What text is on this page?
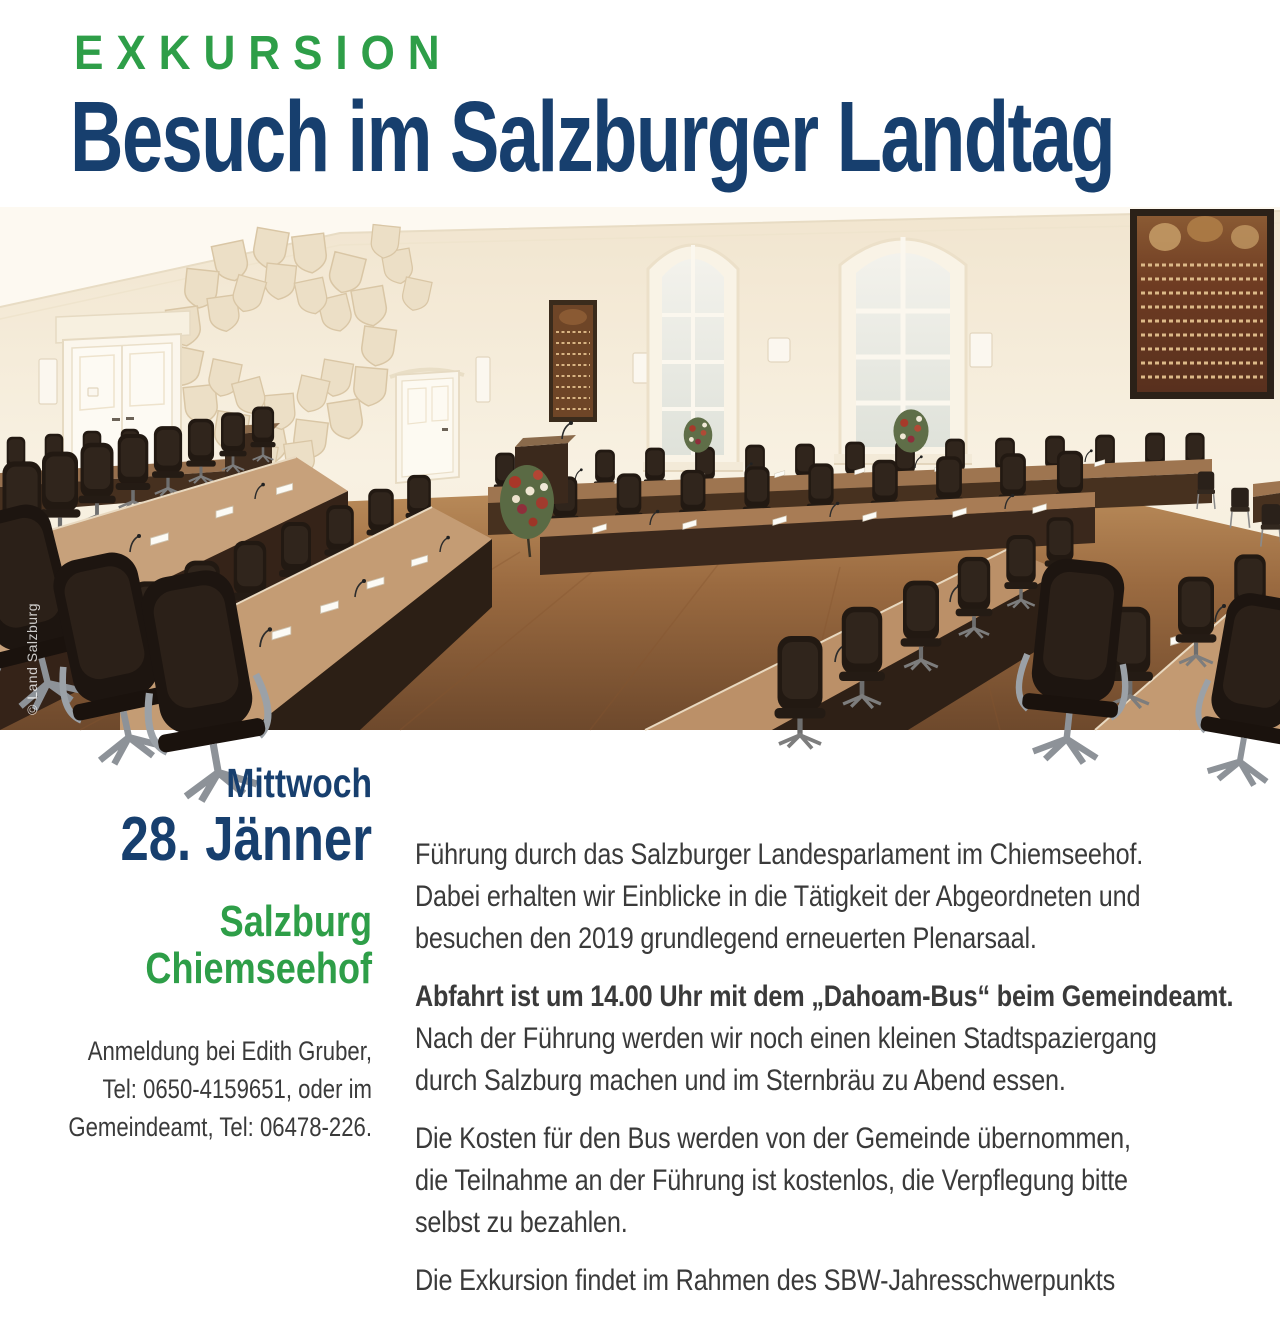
EXKURSION
Besuch im Salzburger Landtag
© Land Salzburg
Mittwoch
28. Jänner
Salzburg
Chiemseehof
Anmeldung bei Edith Gruber,
Tel: 0650-4159651, oder im
Gemeindeamt, Tel: 06478-226.

Führung durch das Salzburger Landesparlament im Chiemseehof.
Dabei erhalten wir Einblicke in die Tätigkeit der Abgeordneten und
besuchen den 2019 grundlegend erneuerten Plenarsaal.

Abfahrt ist um 14.00 Uhr mit dem „Dahoam-Bus“ beim Gemeindeamt.
Nach der Führung werden wir noch einen kleinen Stadtspaziergang
durch Salzburg machen und im Sternbräu zu Abend essen.

Die Kosten für den Bus werden von der Gemeinde übernommen,
die Teilnahme an der Führung ist kostenlos, die Verpflegung bitte
selbst zu bezahlen.

Die Exkursion findet im Rahmen des SBW-Jahresschwerpunkts
